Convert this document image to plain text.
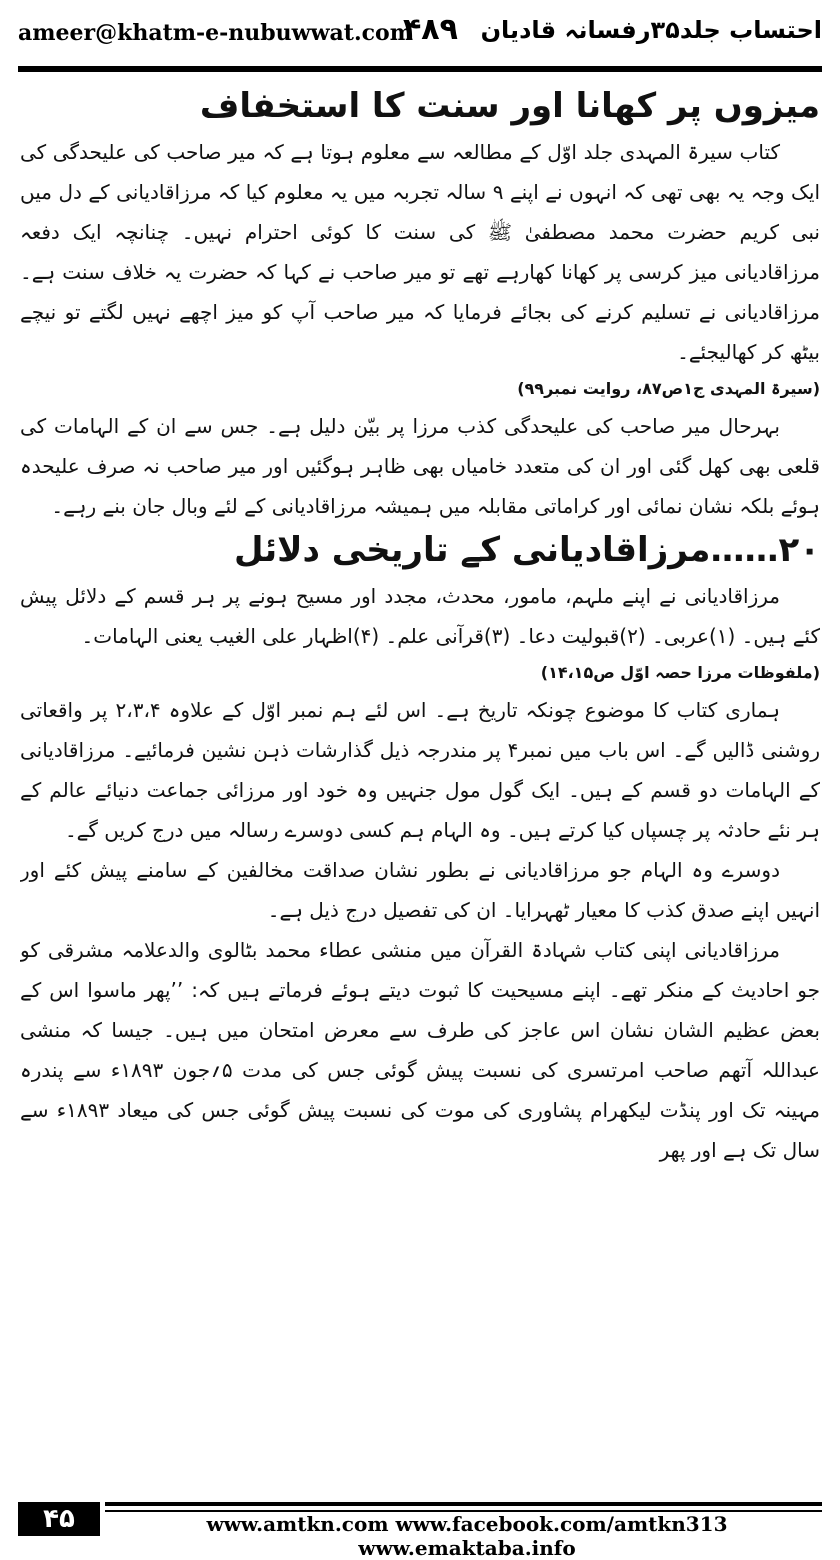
ameer@khatm-e-nubuwwat.com
۴۸۹ احتساب جلد۳۵رفسانہ قادیان
میزوں پر کھانا اور سنت کا استخفاف

کتاب سیرۃ المہدی جلد اوّل کے مطالعہ سے معلوم ہوتا ہے کہ میر صاحب کی علیحدگی کی ایک وجہ یہ بھی تھی کہ انہوں نے اپنے ۹ سالہ تجربہ میں یہ معلوم کیا کہ مرزاقادیانی کے دل میں نبی کریم حضرت محمد مصطفیٰ ﷺ کی سنت کا کوئی احترام نہیں۔ چنانچہ ایک دفعہ مرزاقادیانی میز کرسی پر کھانا کھارہے تھے تو میر صاحب نے کہا کہ حضرت یہ خلاف سنت ہے۔ مرزاقادیانی نے تسلیم کرنے کی بجائے فرمایا کہ میر صاحب آپ کو میز اچھے نہیں لگتے تو نیچے بیٹھ کر کھالیجئے۔

(سیرۃ المہدی ج۱ص۸۷، روایت نمبر۹۹)

بہرحال میر صاحب کی علیحدگی کذب مرزا پر بیّن دلیل ہے۔ جس سے ان کے الہامات کی قلعی بھی کھل گئی اور ان کی متعدد خامیاں بھی ظاہر ہوگئیں اور میر صاحب نہ صرف علیحدہ ہوئے بلکہ نشان نمائی اور کراماتی مقابلہ میں ہمیشہ مرزاقادیانی کے لئے وبال جان بنے رہے۔

۲۰……مرزاقادیانی کے تاریخی دلائل

مرزاقادیانی نے اپنے ملہم، مامور، محدث، مجدد اور مسیح ہونے پر ہر قسم کے دلائل پیش کئے ہیں۔ (۱)عربی۔ (۲)قبولیت دعا۔ (۳)قرآنی علم۔ (۴)اظہار علی الغیب یعنی الہامات۔

(ملفوظات مرزا حصہ اوّل ص۱۴،۱۵)

ہماری کتاب کا موضوع چونکہ تاریخ ہے۔ اس لئے ہم نمبر اوّل کے علاوہ ۲،۳،۴ پر واقعاتی روشنی ڈالیں گے۔ اس باب میں نمبر۴ پر مندرجہ ذیل گذارشات ذہن نشین فرمائیے۔ مرزاقادیانی کے الہامات دو قسم کے ہیں۔ ایک گول مول جنہیں وہ خود اور مرزائی جماعت دنیائے عالم کے ہر نئے حادثہ پر چسپاں کیا کرتے ہیں۔ وہ الہام ہم کسی دوسرے رسالہ میں درج کریں گے۔

دوسرے وہ الہام جو مرزاقادیانی نے بطور نشان صداقت مخالفین کے سامنے پیش کئے اور انہیں اپنے صدق کذب کا معیار ٹھہرایا۔ ان کی تفصیل درج ذیل ہے۔

مرزاقادیانی اپنی کتاب شہادۃ القرآن میں منشی عطاء محمد بٹالوی والدعلامہ مشرقی کو جو احادیث کے منکر تھے۔ اپنے مسیحیت کا ثبوت دیتے ہوئے فرماتے ہیں کہ: ’’پھر ماسوا اس کے بعض عظیم الشان نشان اس عاجز کی طرف سے معرض امتحان میں ہیں۔ جیسا کہ منشی عبداللہ آتھم صاحب امرتسری کی نسبت پیش گوئی جس کی مدت ۵؍جون ۱۸۹۳ء سے پندرہ مہینہ تک اور پنڈت لیکھرام پشاوری کی موت کی نسبت پیش گوئی جس کی میعاد ۱۸۹۳ء سے سال تک ہے اور پھر

۴۵	www.amtkn.com www.facebook.com/amtkn313 www.emaktaba.info
